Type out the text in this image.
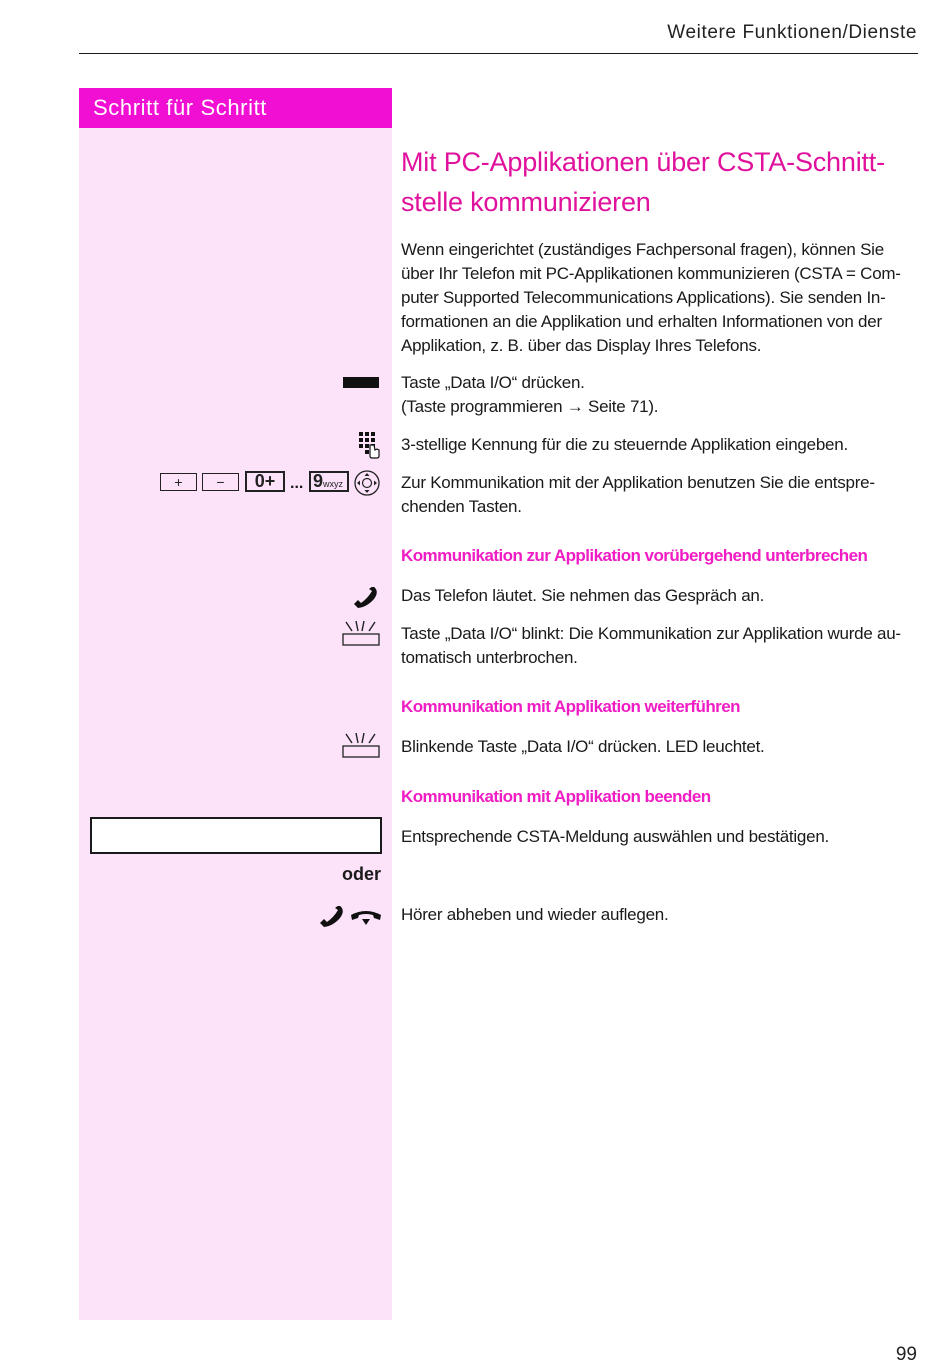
Weitere Funktionen/Dienste
Schritt für Schritt
+	−	0+ ... 9wxyz
oder
Mit PC-Applikationen über CSTA-Schnitt-
stelle kommunizieren
Wenn eingerichtet (zuständiges Fachpersonal fragen), können Sie
über Ihr Telefon mit PC-Applikationen kommunizieren (CSTA = Com-
puter Supported Telecommunications Applications). Sie senden In-
formationen an die Applikation und erhalten Informationen von der
Applikation, z. B. über das Display Ihres Telefons.
Taste „Data I/O“ drücken.
(Taste programmieren → Seite 71).
3-stellige Kennung für die zu steuernde Applikation eingeben.
Zur Kommunikation mit der Applikation benutzen Sie die entspre-
chenden Tasten.
Kommunikation zur Applikation vorübergehend unterbrechen
Das Telefon läutet. Sie nehmen das Gespräch an.
Taste „Data I/O“ blinkt: Die Kommunikation zur Applikation wurde au-
tomatisch unterbrochen.
Kommunikation mit Applikation weiterführen
Blinkende Taste „Data I/O“ drücken. LED leuchtet.
Kommunikation mit Applikation beenden
Entsprechende CSTA-Meldung auswählen und bestätigen.
Hörer abheben und wieder auflegen.
99
